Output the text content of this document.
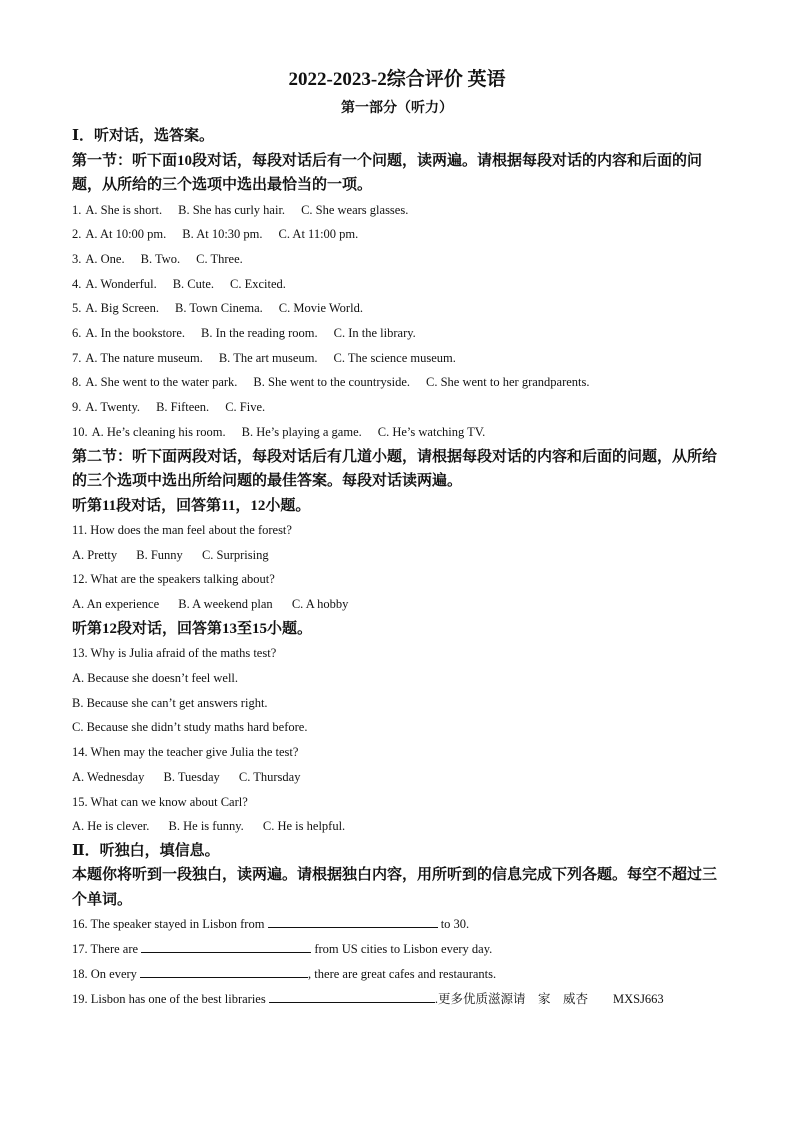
2022-2023-2综合评价 英语
第一部分（听力）
Ⅰ．听对话，选答案。
第一节：听下面10段对话，每段对话后有一个问题，读两遍。请根据每段对话的内容和后面的问题，从所给的三个选项中选出最恰当的一项。
1. A. She is short. B. She has curly hair. C. She wears glasses.
2. A. At 10:00 pm. B. At 10:30 pm. C. At 11:00 pm.
3. A. One. B. Two. C. Three.
4. A. Wonderful. B. Cute. C. Excited.
5. A. Big Screen. B. Town Cinema. C. Movie World.
6. A. In the bookstore. B. In the reading room. C. In the library.
7. A. The nature museum. B. The art museum. C. The science museum.
8. A. She went to the water park. B. She went to the countryside. C. She went to her grandparents.
9. A. Twenty. B. Fifteen. C. Five.
10. A. He’s cleaning his room. B. He’s playing a game. C. He’s watching TV.
第二节：听下面两段对话，每段对话后有几道小题，请根据每段对话的内容和后面的问题，从所给的三个选项中选出所给问题的最佳答案。每段对话读两遍。
听第11段对话，回答第11，12小题。
11. How does the man feel about the forest?
A. Pretty B. Funny C. Surprising
12. What are the speakers talking about?
A. An experience B. A weekend plan C. A hobby
听第12段对话，回答第13至15小题。
13. Why is Julia afraid of the maths test?
A. Because she doesn’t feel well.
B. Because she can’t get answers right.
C. Because she didn’t study maths hard before.
14. When may the teacher give Julia the test?
A. Wednesday B. Tuesday C. Thursday
15. What can we know about Carl?
A. He is clever. B. He is funny. C. He is helpful.
Ⅱ．听独白，填信息。
本题你将听到一段独白，读两遍。请根据独白内容，用所听到的信息完成下列各题。每空不超过三个单词。
16. The speaker stayed in Lisbon from	to 30.
17. There are	from US cities to Lisbon every day.
18. On every	, there are great cafes and restaurants.
19. Lisbon has one of the best libraries	.更多优质滋源请　家　威杏　　MXSJ663
